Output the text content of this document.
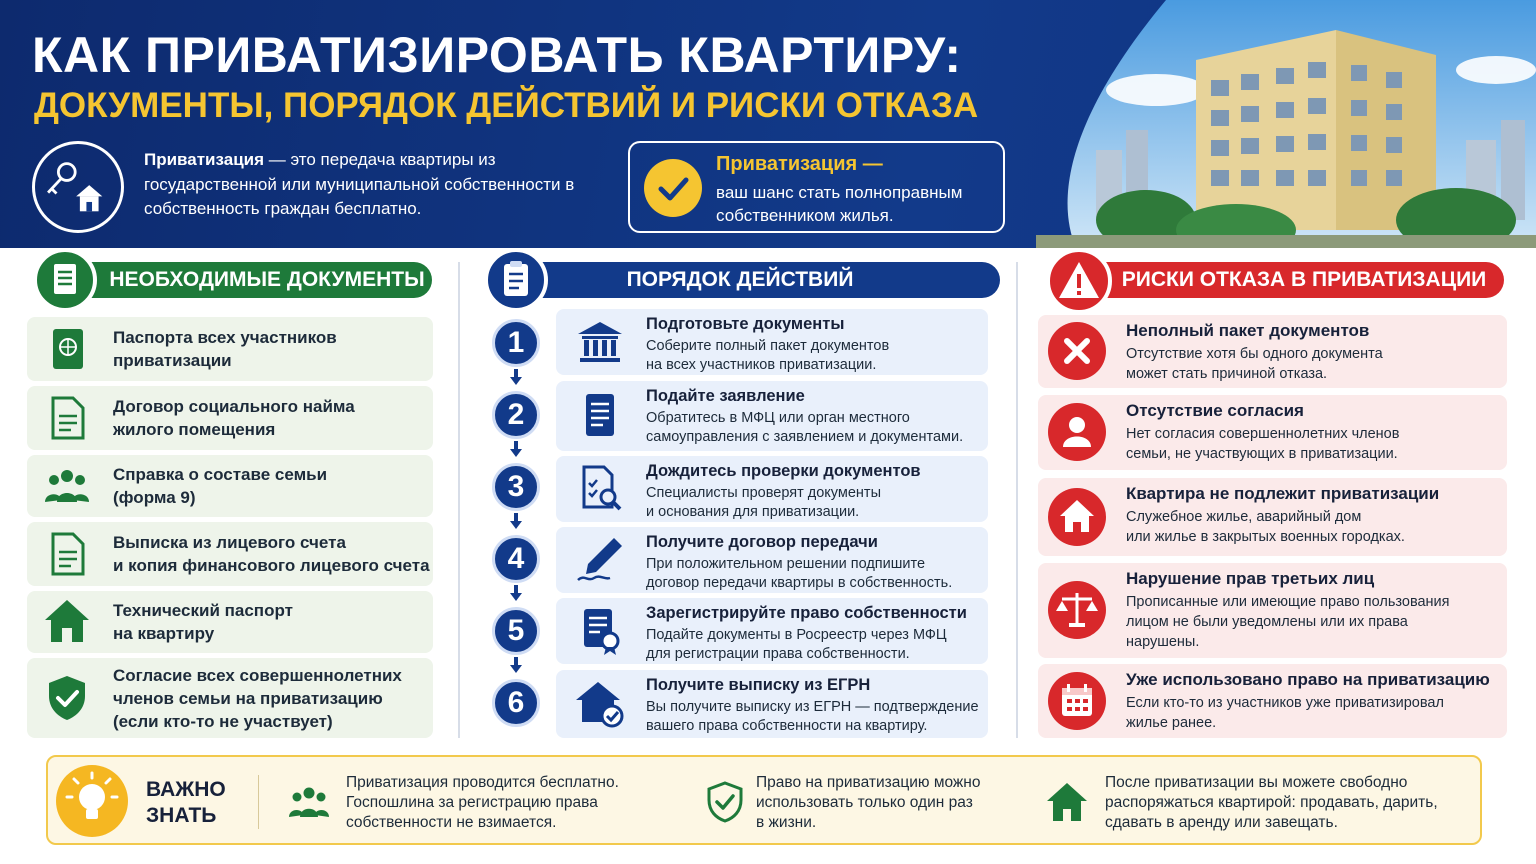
КАК ПРИВАТИЗИРОВАТЬ КВАРТИРУ:
ДОКУМЕНТЫ, ПОРЯДОК ДЕЙСТВИЙ И РИСКИ ОТКАЗА
Приватизация — это передача квартиры из государственной или муниципальной собственности в собственность граждан бесплатно.
Приватизация —
ваш шанс стать полноправным собственником жилья.
НЕОБХОДИМЫЕ ДОКУМЕНТЫ
Паспорта всех участников
приватизации
Договор социального найма
жилого помещения
Справка о составе семьи
(форма 9)
Выписка из лицевого счета
и копия финансового лицевого счета
Технический паспорт
на квартиру
Согласие всех совершеннолетних
членов семьи на приватизацию
(если кто-то не участвует)
ПОРЯДОК ДЕЙСТВИЙ
1
2
3
4
5
6
Подготовьте документы
Соберите полный пакет документов
на всех участников приватизации.
Подайте заявление
Обратитесь в МФЦ или орган местного
самоуправления с заявлением и документами.
Дождитесь проверки документов
Специалисты проверят документы
и основания для приватизации.
Получите договор передачи
При положительном решении подпишите
договор передачи квартиры в собственность.
Зарегистрируйте право собственности
Подайте документы в Росреестр через МФЦ
для регистрации права собственности.
Получите выписку из ЕГРН
Вы получите выписку из ЕГРН — подтверждение
вашего права собственности на квартиру.
РИСКИ ОТКАЗА В ПРИВАТИЗАЦИИ
Неполный пакет документов
Отсутствие хотя бы одного документа
может стать причиной отказа.
Отсутствие согласия
Нет согласия совершеннолетних членов
семьи, не участвующих в приватизации.
Квартира не подлежит приватизации
Служебное жилье, аварийный дом
или жилье в закрытых военных городках.
Нарушение прав третьих лиц
Прописанные или имеющие право пользования
лицом не были уведомлены или их права
нарушены.
Уже использовано право на приватизацию
Если кто-то из участников уже приватизировал
жилье ранее.
ВАЖНО
ЗНАТЬ
Приватизация проводится бесплатно.
Госпошлина за регистрацию права
собственности не взимается.
Право на приватизацию можно
использовать только один раз
в жизни.
После приватизации вы можете свободно
распоряжаться квартирой: продавать, дарить,
сдавать в аренду или завещать.
